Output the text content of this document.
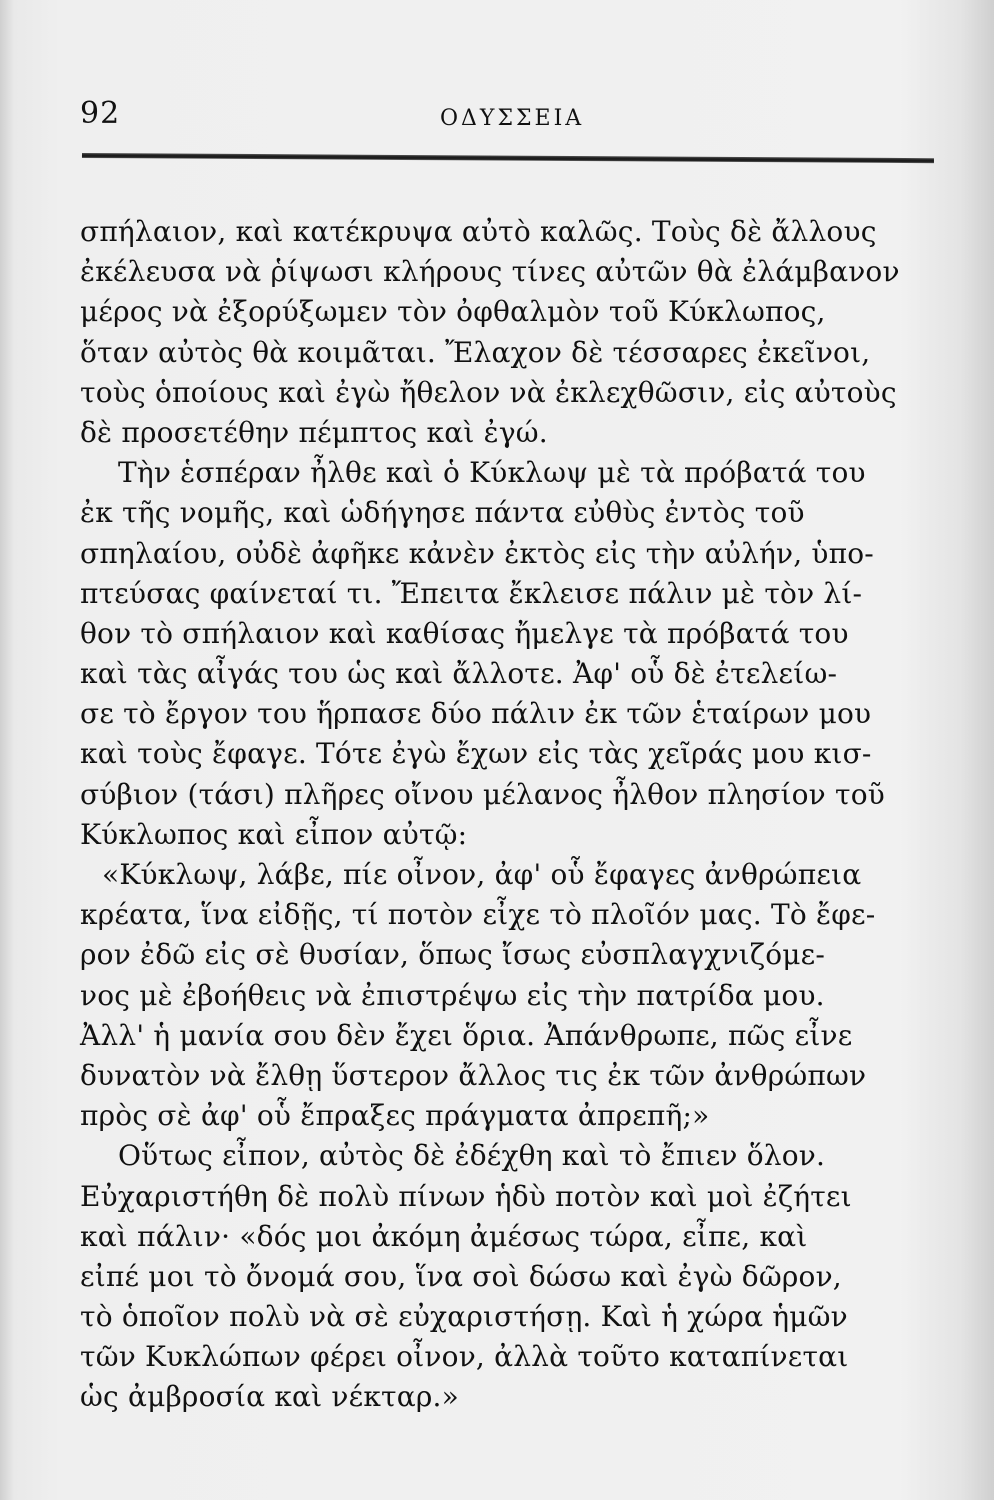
92	ΟΔΥΣΣΕΙΑ
σπήλαιον, καὶ κατέκρυψα αὐτὸ καλῶς. Τοὺς δὲ ἄλλους
ἐκέλευσα νὰ ῥίψωσι κλήρους τίνες αὐτῶν θὰ ἐλάμβανον
μέρος νὰ ἐξορύξωμεν τὸν ὀφθαλμὸν τοῦ Κύκλωπος,
ὅταν αὐτὸς θὰ κοιμᾶται. Ἔλαχον δὲ τέσσαρες ἐκεῖνοι,
τοὺς ὁποίους καὶ ἐγὼ ἤθελον νὰ ἐκλεχθῶσιν, εἰς αὐτοὺς
δὲ προσετέθην πέμπτος καὶ ἐγώ.
Τὴν ἑσπέραν ἦλθε καὶ ὁ Κύκλωψ μὲ τὰ πρόβατά του
ἐκ τῆς νομῆς, καὶ ὡδήγησε πάντα εὐθὺς ἐντὸς τοῦ
σπηλαίου, οὐδὲ ἀφῆκε κἀνὲν ἐκτὸς εἰς τὴν αὐλήν, ὑπο-
πτεύσας φαίνεταί τι. Ἔπειτα ἔκλεισε πάλιν μὲ τὸν λί-
θον τὸ σπήλαιον καὶ καθίσας ἤμελγε τὰ πρόβατά του
καὶ τὰς αἶγάς του ὡς καὶ ἄλλοτε. Ἀφ' οὗ δὲ ἐτελείω-
σε τὸ ἔργον του ἥρπασε δύο πάλιν ἐκ τῶν ἑταίρων μου
καὶ τοὺς ἔφαγε. Τότε ἐγὼ ἔχων εἰς τὰς χεῖράς μου κισ-
σύβιον (τάσι) πλῆρες οἴνου μέλανος ἦλθον πλησίον τοῦ
Κύκλωπος καὶ εἶπον αὐτῷ:
«Κύκλωψ, λάβε, πίε οἶνον, ἀφ' οὗ ἔφαγες ἀνθρώπεια
κρέατα, ἵνα εἰδῇς, τί ποτὸν εἶχε τὸ πλοῖόν μας. Τὸ ἔφε-
ρον ἐδῶ εἰς σὲ θυσίαν, ὅπως ἴσως εὐσπλαγχνιζόμε-
νος μὲ ἐβοήθεις νὰ ἐπιστρέψω εἰς τὴν πατρίδα μου.
Ἀλλ' ἡ μανία σου δὲν ἔχει ὅρια. Ἀπάνθρωπε, πῶς εἶνε
δυνατὸν νὰ ἔλθῃ ὕστερον ἄλλος τις ἐκ τῶν ἀνθρώπων
πρὸς σὲ ἀφ' οὗ ἔπραξες πράγματα ἀπρεπῆ;»
Οὕτως εἶπον, αὐτὸς δὲ ἐδέχθη καὶ τὸ ἔπιεν ὅλον.
Εὐχαριστήθη δὲ πολὺ πίνων ἡδὺ ποτὸν καὶ μοὶ ἐζήτει
καὶ πάλιν· «δός μοι ἀκόμη ἀμέσως τώρα, εἶπε, καὶ
εἰπέ μοι τὸ ὄνομά σου, ἵνα σοὶ δώσω καὶ ἐγὼ δῶρον,
τὸ ὁποῖον πολὺ νὰ σὲ εὐχαριστήσῃ. Καὶ ἡ χώρα ἡμῶν
τῶν Κυκλώπων φέρει οἶνον, ἀλλὰ τοῦτο καταπίνεται
ὡς ἀμβροσία καὶ νέκταρ.»
